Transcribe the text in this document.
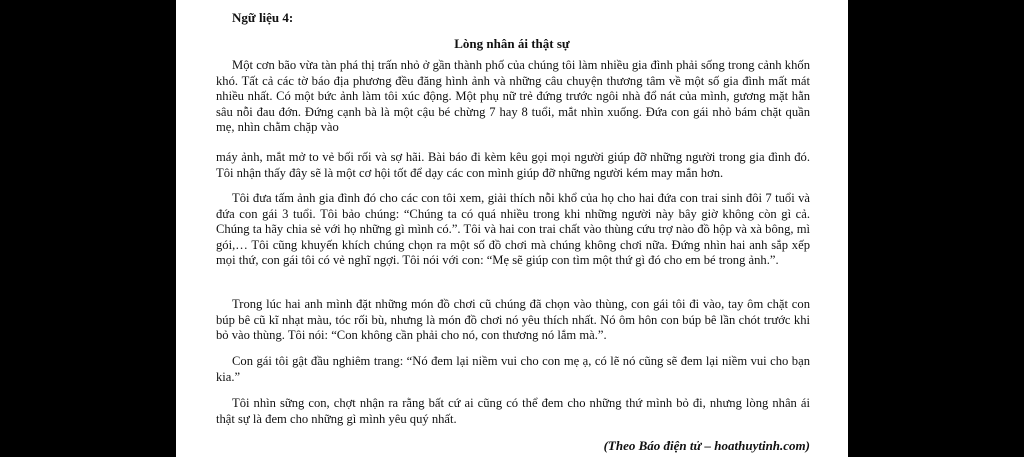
Ngữ liệu 4:
Lòng nhân ái thật sự

Một cơn bão vừa tàn phá thị trấn nhỏ ở gần thành phố của chúng tôi làm nhiều gia đình phải sống trong cảnh khốn khó. Tất cả các tờ báo địa phương đều đăng hình ảnh và những câu chuyện thương tâm về một số gia đình mất mát nhiều nhất. Có một bức ảnh làm tôi xúc động. Một phụ nữ trẻ đứng trước ngôi nhà đổ nát của mình, gương mặt hằn sâu nỗi đau đớn. Đứng cạnh bà là một cậu bé chừng 7 hay 8 tuổi, mắt nhìn xuống. Đứa con gái nhỏ bám chặt quần mẹ, nhìn chằm chặp vào

máy ảnh, mắt mở to vẻ bối rối và sợ hãi. Bài báo đi kèm kêu gọi mọi người giúp đỡ những người trong gia đình đó. Tôi nhận thấy đây sẽ là một cơ hội tốt để dạy các con mình giúp đỡ những người kém may mắn hơn.

Tôi đưa tấm ảnh gia đình đó cho các con tôi xem, giải thích nỗi khổ của họ cho hai đứa con trai sinh đôi 7 tuổi và đứa con gái 3 tuổi. Tôi bảo chúng: “Chúng ta có quá nhiều trong khi những người này bây giờ không còn gì cả. Chúng ta hãy chia sẻ với họ những gì mình có.”. Tôi và hai con trai chất vào thùng cứu trợ nào đồ hộp và xà bông, mì gói,… Tôi cũng khuyến khích chúng chọn ra một số đồ chơi mà chúng không chơi nữa. Đứng nhìn hai anh sắp xếp mọi thứ, con gái tôi có vẻ nghĩ ngợi. Tôi nói với con: “Mẹ sẽ giúp con tìm một thứ gì đó cho em bé trong ảnh.”.

Trong lúc hai anh mình đặt những món đồ chơi cũ chúng đã chọn vào thùng, con gái tôi đi vào, tay ôm chặt con búp bê cũ kĩ nhạt màu, tóc rối bù, nhưng là món đồ chơi nó yêu thích nhất. Nó ôm hôn con búp bê lần chót trước khi bỏ vào thùng. Tôi nói: “Con không cần phải cho nó, con thương nó lắm mà.”.

Con gái tôi gật đầu nghiêm trang: “Nó đem lại niềm vui cho con mẹ ạ, có lẽ nó cũng sẽ đem lại niềm vui cho bạn kia.”

Tôi nhìn sững con, chợt nhận ra rằng bất cứ ai cũng có thể đem cho những thứ mình bỏ đi, nhưng lòng nhân ái thật sự là đem cho những gì mình yêu quý nhất.

(Theo Báo điện tử – hoathuytinh.com)
